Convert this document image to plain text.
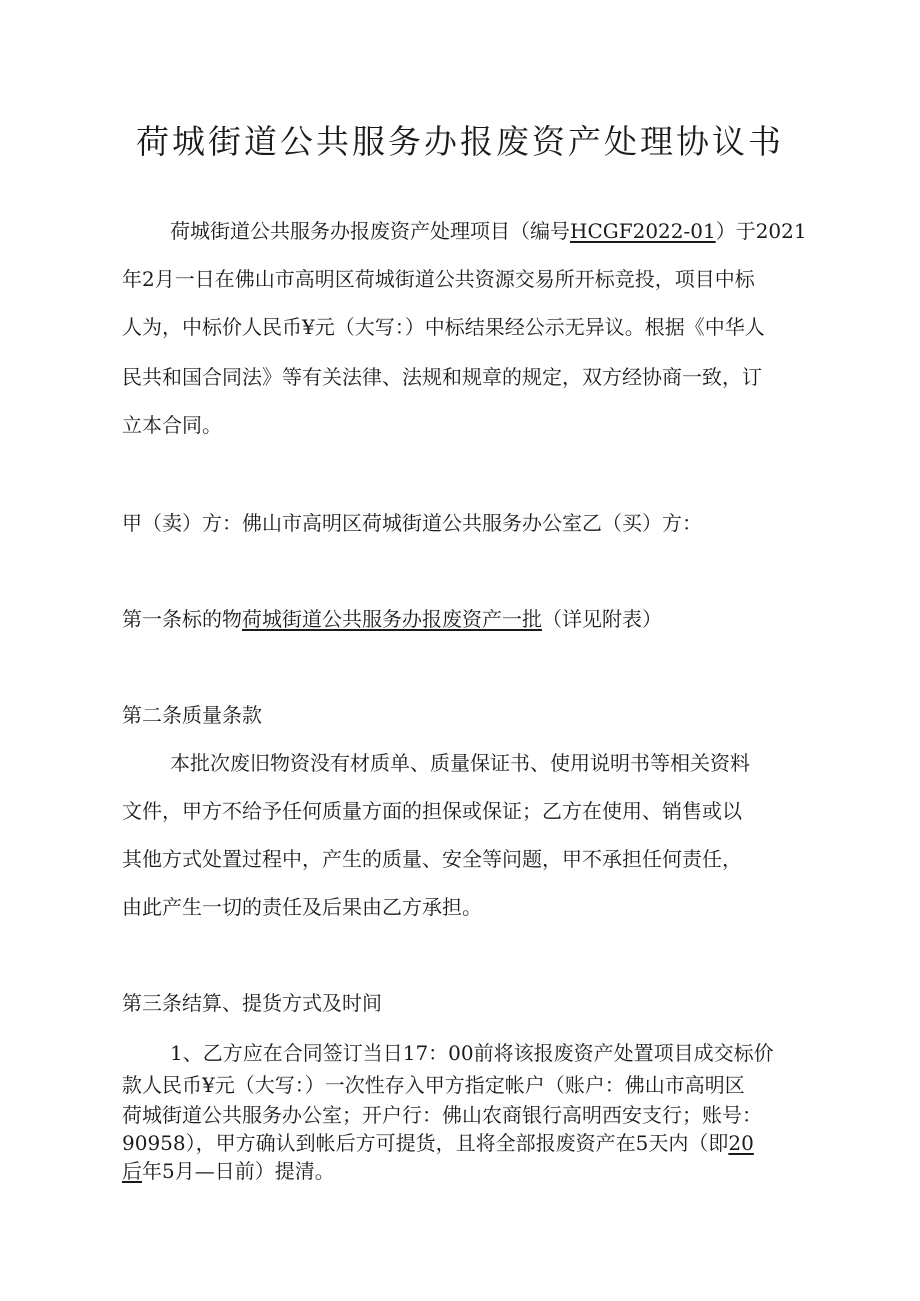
荷城街道公共服务办报废资产处理协议书

荷城街道公共服务办报废资产处理项目（编号HCGF2022-01）于2021

年2月一日在佛山市高明区荷城街道公共资源交易所开标竞投，项目中标

人为，中标价人民币¥元（大写：）中标结果经公示无异议。根据《中华人

民共和国合同法》等有关法律、法规和规章的规定，双方经协商一致，订

立本合同。

甲（卖）方：佛山市高明区荷城街道公共服务办公室乙（买）方：

第一条标的物荷城街道公共服务办报废资产一批（详见附表）

第二条质量条款

本批次废旧物资没有材质单、质量保证书、使用说明书等相关资料

文件，甲方不给予任何质量方面的担保或保证；乙方在使用、销售或以

其他方式处置过程中，产生的质量、安全等问题，甲不承担任何责任，

由此产生一切的责任及后果由乙方承担。

第三条结算、提货方式及时间

1、乙方应在合同签订当日17：00前将该报废资产处置项目成交标价

款人民币¥元（大写：）一次性存入甲方指定帐户（账户：佛山市高明区

荷城街道公共服务办公室；开户行：佛山农商银行高明西安支行；账号：

90958），甲方确认到帐后方可提货，且将全部报废资产在5天内（即20

后年5月—日前）提清。
